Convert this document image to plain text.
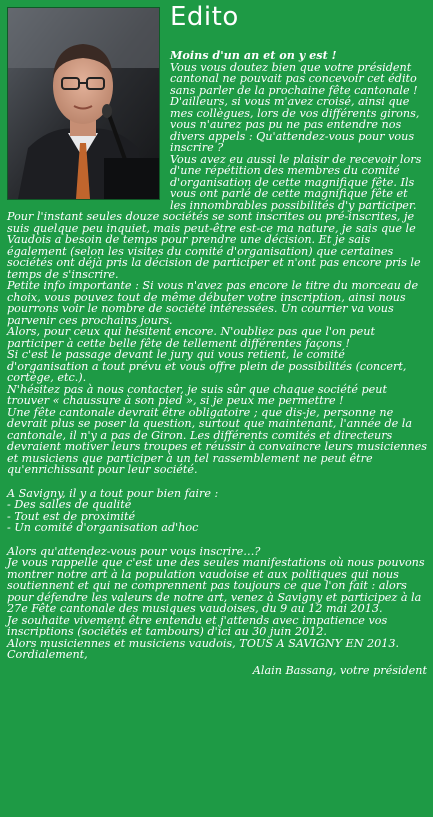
Edito

Moins d'un an et on y est !

Vous vous doutez bien que votre président cantonal ne pouvait pas concevoir cet édito sans parler de la prochaine fête cantonale !

D'ailleurs, si vous m'avez croisé, ainsi que mes collègues, lors de vos différents girons, vous n'aurez pas pu ne pas entendre nos divers appels : Qu'attendez-vous pour vous inscrire ?

Vous avez eu aussi le plaisir de recevoir lors d'une répétition des membres du comité d'organisation de cette magnifique fête. Ils vous ont parlé de cette magnifique fête et les innombrables possibilités d'y participer.

Pour l'instant seules douze sociétés se sont inscrites ou pré-inscrites, je suis quelque peu inquiet, mais peut-être est-ce ma nature, je sais que le Vaudois a besoin de temps pour prendre une décision. Et je sais également (selon les visites du comité d'organisation) que certaines sociétés ont déjà pris la décision de participer et n'ont pas encore pris le temps de s'inscrire.

Petite info importante : Si vous n'avez pas encore le titre du morceau de choix, vous pouvez tout de même débuter votre inscription, ainsi nous pourrons voir le nombre de société intéressées. Un courrier va vous parvenir ces prochains jours.

Alors, pour ceux qui hésitent encore. N'oubliez pas que l'on peut participer à cette belle fête de tellement différentes façons !

Si c'est le passage devant le jury qui vous retient, le comité d'organisation a tout prévu et vous offre plein de possibilités (concert, cortège, etc.).

N'hésitez pas à nous contacter, je suis sûr que chaque société peut trouver « chaussure à son pied », si je peux me permettre !

Une fête cantonale devrait être obligatoire ; que dis-je, personne ne devrait plus se poser la question, surtout que maintenant, l'année de la cantonale, il n'y a pas de Giron. Les différents comités et directeurs devraient motiver leurs troupes et réussir à convaincre leurs musiciennes et musiciens que participer à un tel rassemblement ne peut être qu'enrichissant pour leur société.

A Savigny, il y a tout pour bien faire :

- Des salles de qualité

- Tout est de proximité

- Un comité d'organisation ad'hoc

Alors qu'attendez-vous pour vous inscrire…?

Je vous rappelle que c'est une des seules manifestations où nous pouvons montrer notre art à la population vaudoise et aux politiques qui nous soutiennent et qui ne comprennent pas toujours ce que l'on fait : alors pour défendre les valeurs de notre art, venez à Savigny et participez à la 27e Fête cantonale des musiques vaudoises, du 9 au 12 mai 2013.

Je souhaite vivement être entendu et j'attends avec impatience vos inscriptions (sociétés et tambours) d'ici au 30 juin 2012.

Alors musiciennes et musiciens vaudois, TOUS A SAVIGNY EN 2013.

Cordialement,

Alain Bassang, votre président
